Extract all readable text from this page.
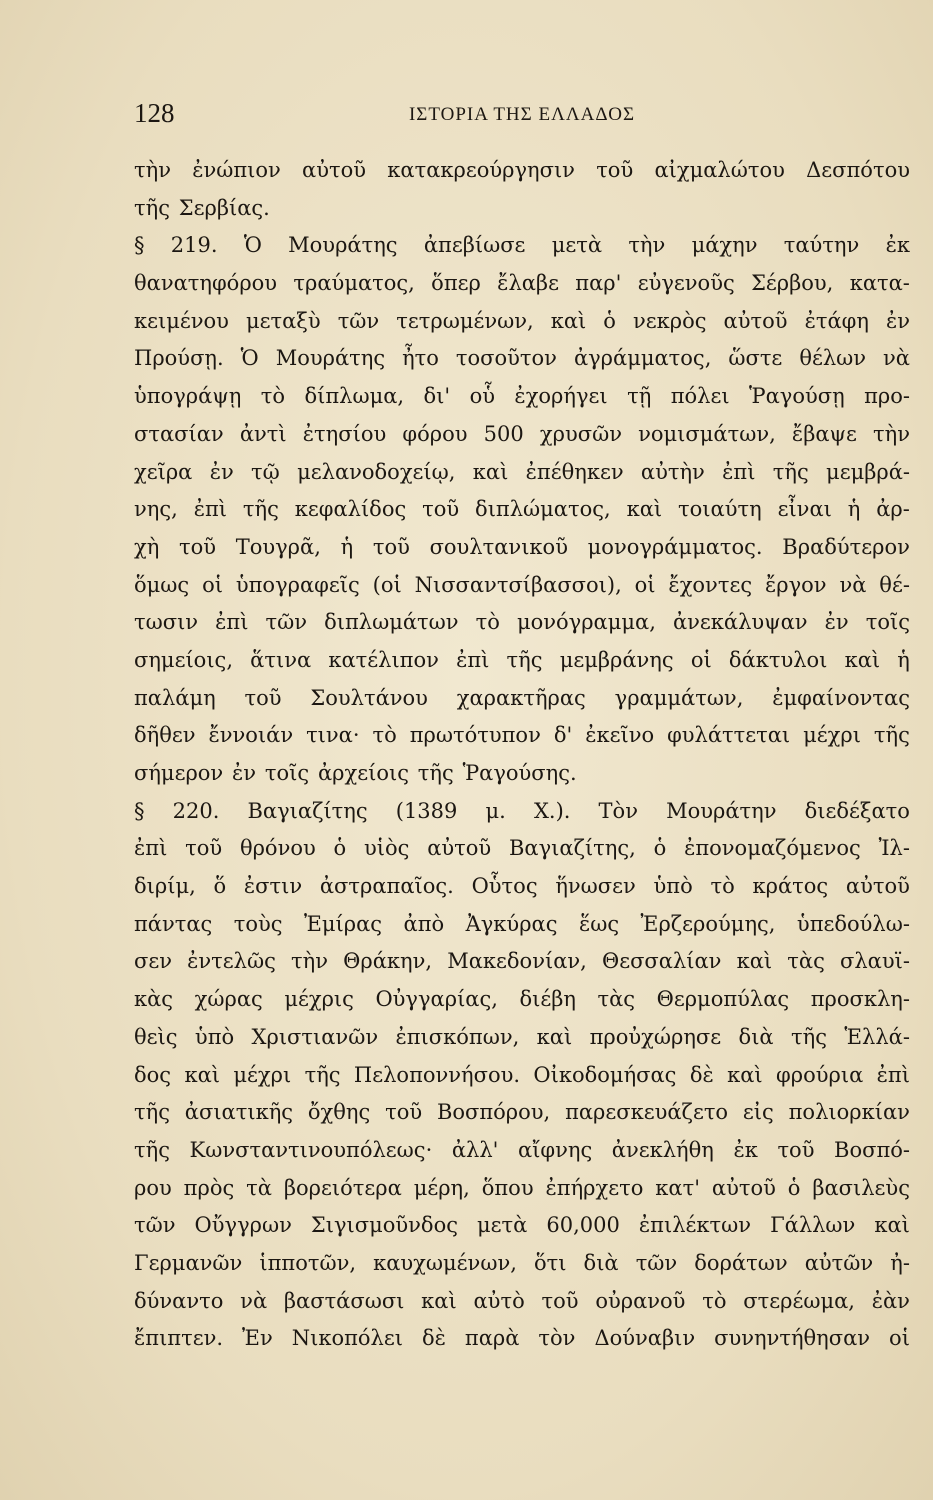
128	ΙΣΤΟΡΙΑ ΤΗΣ ΕΛΛΑΔΟΣ
τὴν ἐνώπιον αὐτοῦ κατακρεούργησιν τοῦ αἰχμαλώτου Δεσπότου
τῆς Σερβίας.
§ 219. Ὁ Μουράτης ἀπεβίωσε μετὰ τὴν μάχην ταύτην ἐκ
θανατηφόρου τραύματος, ὅπερ ἔλαβε παρ' εὐγενοῦς Σέρβου, κατα-
κειμένου μεταξὺ τῶν τετρωμένων, καὶ ὁ νεκρὸς αὐτοῦ ἐτάφη ἐν
Προύσῃ. Ὁ Μουράτης ἦτο τοσοῦτον ἀγράμματος, ὥστε θέλων νὰ
ὑπογράψῃ τὸ δίπλωμα, δι' οὗ ἐχορήγει τῇ πόλει Ῥαγούσῃ προ-
στασίαν ἀντὶ ἐτησίου φόρου 500 χρυσῶν νομισμάτων, ἔβαψε τὴν
χεῖρα ἐν τῷ μελανοδοχείῳ, καὶ ἐπέθηκεν αὐτὴν ἐπὶ τῆς μεμβρά-
νης, ἐπὶ τῆς κεφαλίδος τοῦ διπλώματος, καὶ τοιαύτη εἶναι ἡ ἀρ-
χὴ τοῦ Τουγρᾶ, ἡ τοῦ σουλτανικοῦ μονογράμματος. Βραδύτερον
ὅμως οἱ ὑπογραφεῖς (οἱ Νισσαντσίβασσοι), οἱ ἔχοντες ἔργον νὰ θέ-
τωσιν ἐπὶ τῶν διπλωμάτων τὸ μονόγραμμα, ἀνεκάλυψαν ἐν τοῖς
σημείοις, ἅτινα κατέλιπον ἐπὶ τῆς μεμβράνης οἱ δάκτυλοι καὶ ἡ
παλάμη τοῦ Σουλτάνου χαρακτῆρας γραμμάτων, ἐμφαίνοντας
δῆθεν ἔννοιάν τινα· τὸ πρωτότυπον δ' ἐκεῖνο φυλάττεται μέχρι τῆς
σήμερον ἐν τοῖς ἀρχείοις τῆς Ῥαγούσης.
§ 220. Βαγιαζίτης (1389 μ. Χ.). Τὸν Μουράτην διεδέξατο
ἐπὶ τοῦ θρόνου ὁ υἱὸς αὐτοῦ Βαγιαζίτης, ὁ ἐπονομαζόμενος Ἰλ-
διρίμ, ὅ ἐστιν ἀστραπαῖος. Οὗτος ἥνωσεν ὑπὸ τὸ κράτος αὐτοῦ
πάντας τοὺς Ἐμίρας ἀπὸ Ἀγκύρας ἕως Ἐρζερούμης, ὑπεδούλω-
σεν ἐντελῶς τὴν Θράκην, Μακεδονίαν, Θεσσαλίαν καὶ τὰς σλαυϊ-
κὰς χώρας μέχρις Οὐγγαρίας, διέβη τὰς Θερμοπύλας προσκλη-
θεὶς ὑπὸ Χριστιανῶν ἐπισκόπων, καὶ προὐχώρησε διὰ τῆς Ἑλλά-
δος καὶ μέχρι τῆς Πελοποννήσου. Οἰκοδομήσας δὲ καὶ φρούρια ἐπὶ
τῆς ἀσιατικῆς ὄχθης τοῦ Βοσπόρου, παρεσκευάζετο εἰς πολιορκίαν
τῆς Κωνσταντινουπόλεως· ἀλλ' αἴφνης ἀνεκλήθη ἐκ τοῦ Βοσπό-
ρου πρὸς τὰ βορειότερα μέρη, ὅπου ἐπήρχετο κατ' αὐτοῦ ὁ βασιλεὺς
τῶν Οὔγγρων Σιγισμοῦνδος μετὰ 60,000 ἐπιλέκτων Γάλλων καὶ
Γερμανῶν ἱπποτῶν, καυχωμένων, ὅτι διὰ τῶν δοράτων αὐτῶν ἠ-
δύναντο νὰ βαστάσωσι καὶ αὐτὸ τοῦ οὐρανοῦ τὸ στερέωμα, ἐὰν
ἔπιπτεν. Ἐν Νικοπόλει δὲ παρὰ τὸν Δούναβιν συνηντήθησαν οἱ
